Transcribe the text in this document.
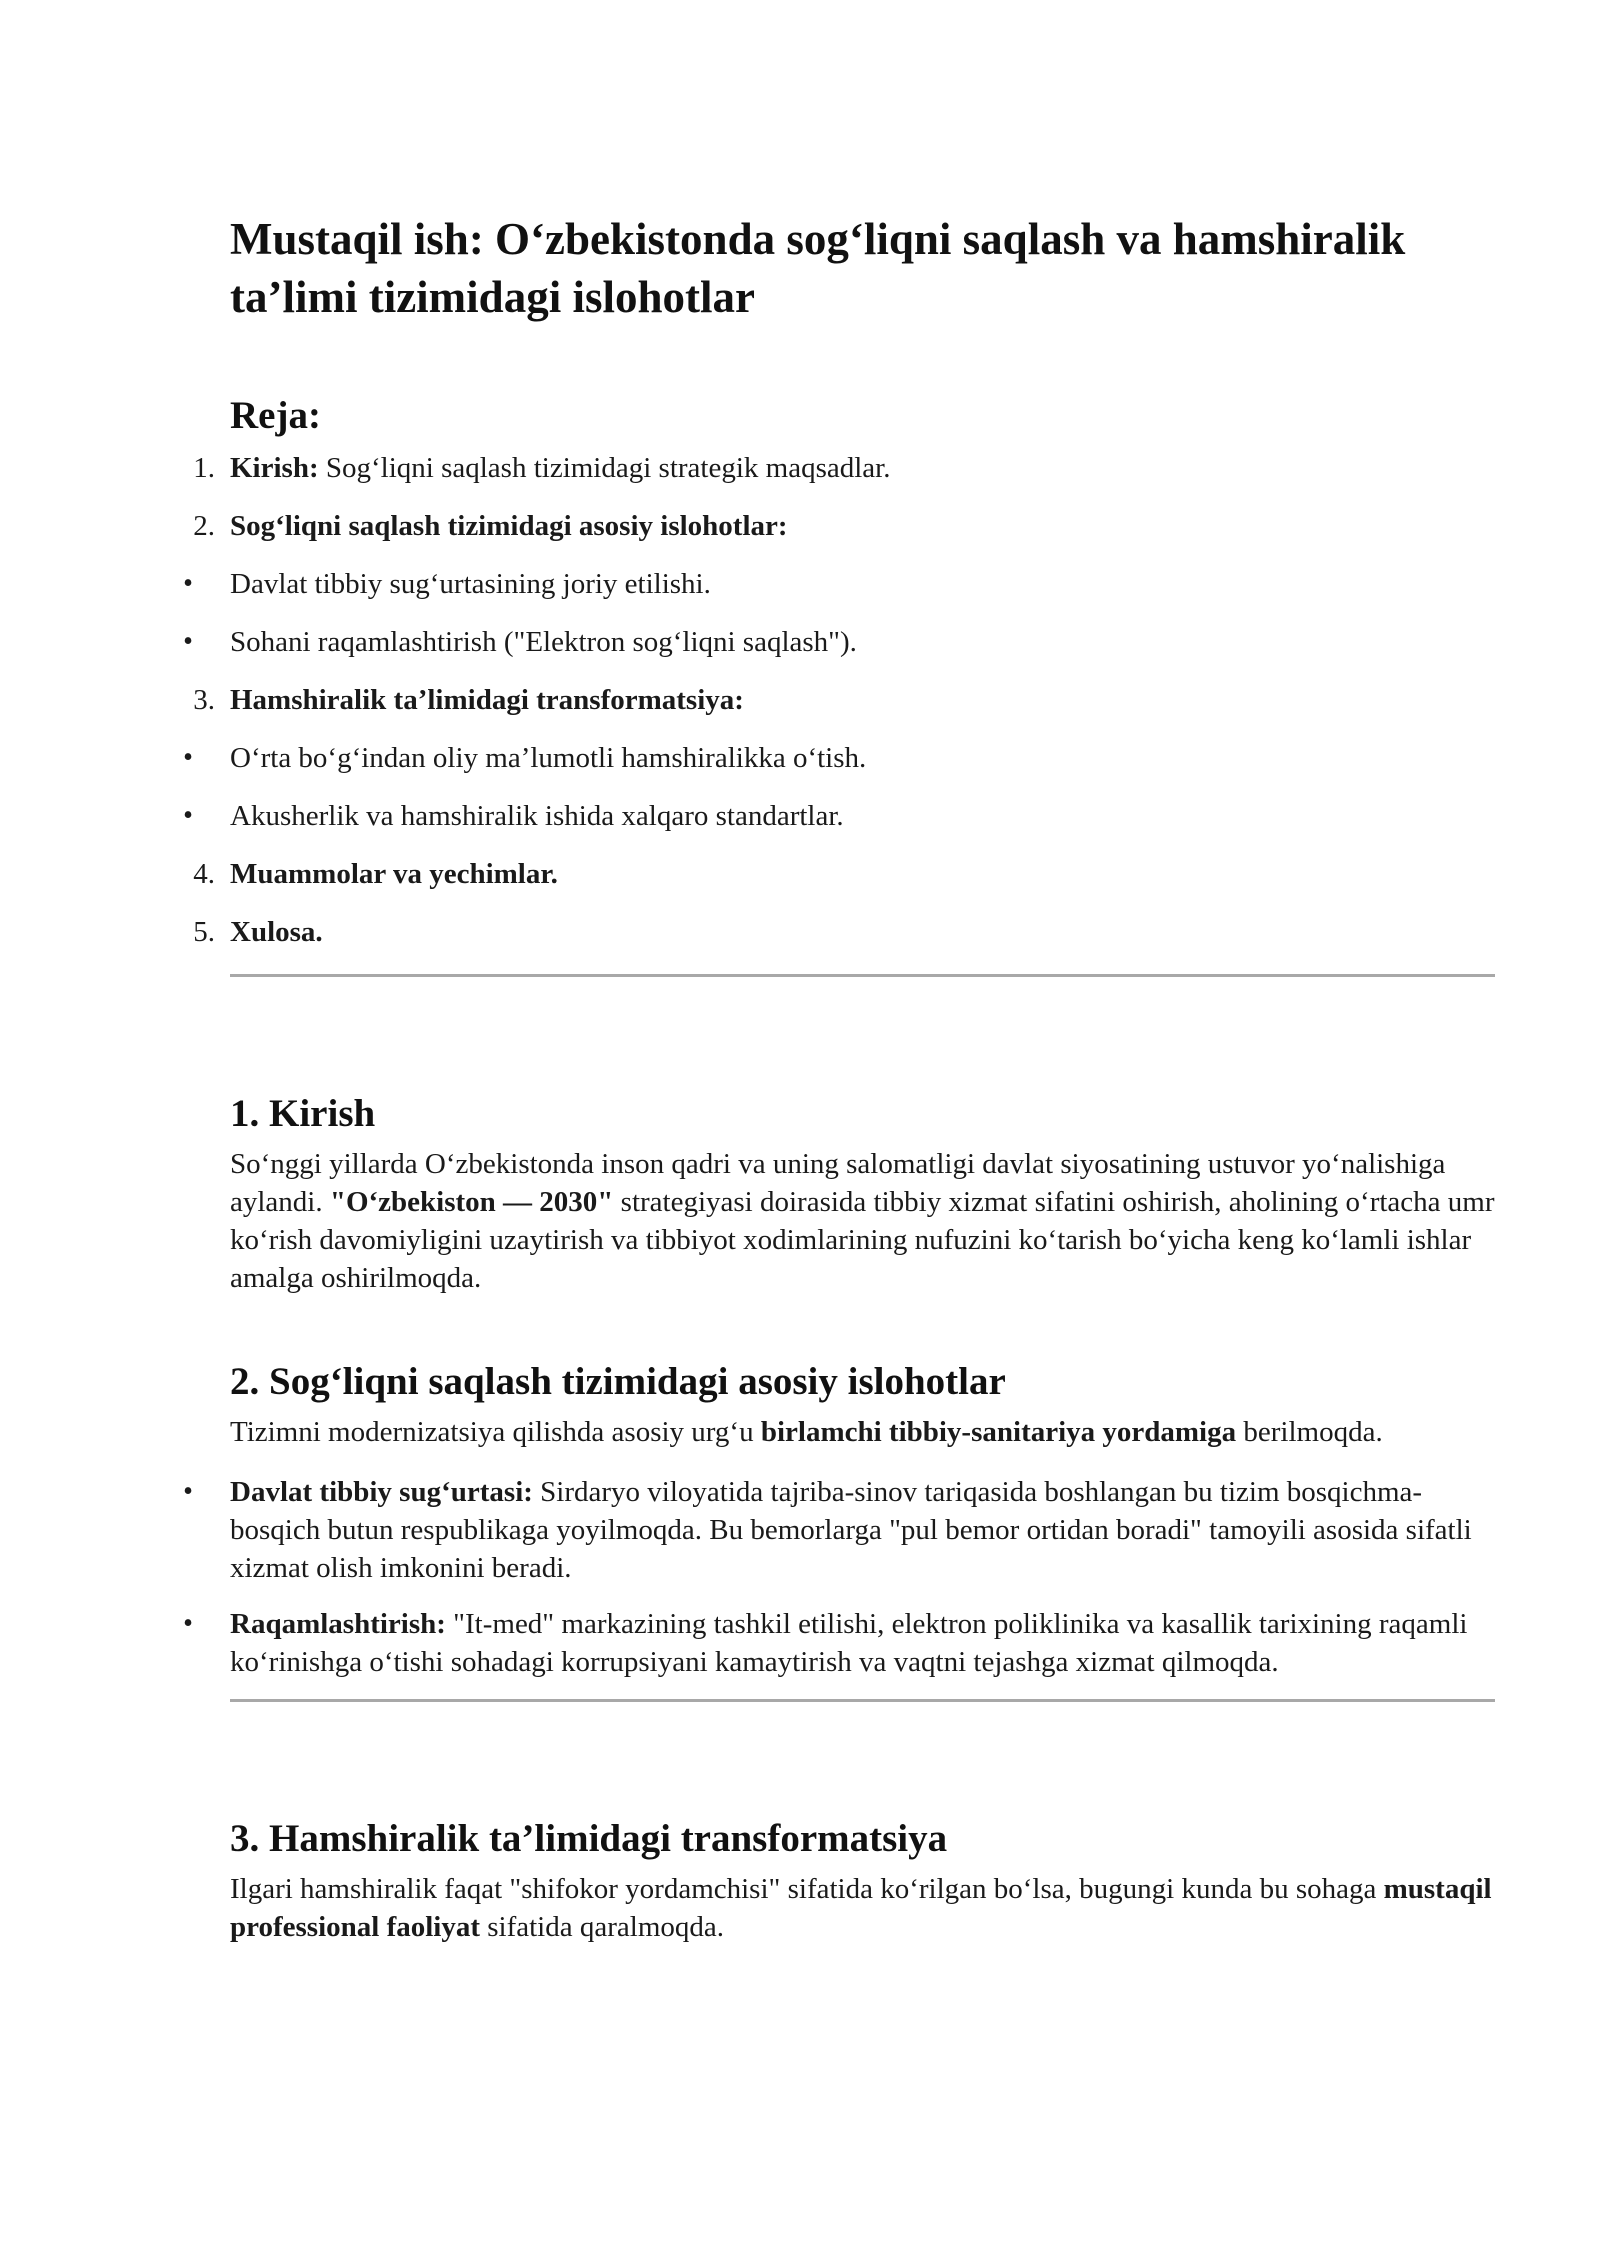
Mustaqil ish: O‘zbekistonda sog‘liqni saqlash va hamshiralik ta’limi tizimidagi islohotlar
Reja:
1. Kirish: Sog‘liqni saqlash tizimidagi strategik maqsadlar.
2. Sog‘liqni saqlash tizimidagi asosiy islohotlar:
• Davlat tibbiy sug‘urtasining joriy etilishi.
• Sohani raqamlashtirish ("Elektron sog‘liqni saqlash").
3. Hamshiralik ta’limidagi transformatsiya:
• O‘rta bo‘g‘indan oliy ma’lumotli hamshiralikka o‘tish.
• Akusherlik va hamshiralik ishida xalqaro standartlar.
4. Muammolar va yechimlar.
5. Xulosa.
1. Kirish

So‘nggi yillarda O‘zbekistonda inson qadri va uning salomatligi davlat siyosatining ustuvor yo‘nalishiga aylandi. "O‘zbekiston — 2030" strategiyasi doirasida tibbiy xizmat sifatini oshirish, aholining o‘rtacha umr ko‘rish davomiyligini uzaytirish va tibbiyot xodimlarining nufuzini ko‘tarish bo‘yicha keng ko‘lamli ishlar amalga oshirilmoqda.

2. Sog‘liqni saqlash tizimidagi asosiy islohotlar

Tizimni modernizatsiya qilishda asosiy urg‘u birlamchi tibbiy-sanitariya yordamiga berilmoqda.

• Davlat tibbiy sug‘urtasi: Sirdaryo viloyatida tajriba-sinov tariqasida boshlangan bu tizim bosqichma-bosqich butun respublikaga yoyilmoqda. Bu bemorlarga "pul bemor ortidan boradi" tamoyili asosida sifatli xizmat olish imkonini beradi.
• Raqamlashtirish: "It-med" markazining tashkil etilishi, elektron poliklinika va kasallik tarixining raqamli ko‘rinishga o‘tishi sohadagi korrupsiyani kamaytirish va vaqtni tejashga xizmat qilmoqda.
3. Hamshiralik ta’limidagi transformatsiya

Ilgari hamshiralik faqat "shifokor yordamchisi" sifatida ko‘rilgan bo‘lsa, bugungi kunda bu sohaga mustaqil professional faoliyat sifatida qaralmoqda.
